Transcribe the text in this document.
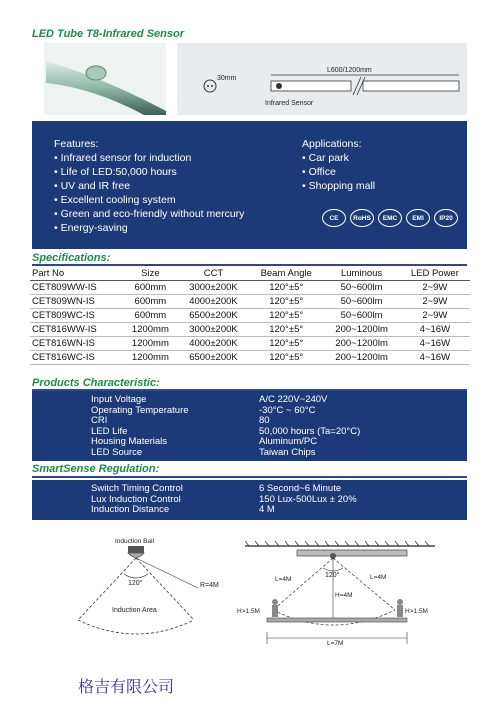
LED Tube T8-Infrared Sensor
30mm
L600/1200mm
Infrared Sensor
Features:
• Infrared sensor for induction
• Life of LED:50,000 hours
• UV and IR free
• Excellent cooling system
• Green and eco-friendly without mercury
• Energy-saving
Applications:
• Car park
• Office
• Shopping mall
CE	RoHS	EMC	EMI	IP20
Specifications:
Part No	Size	CCT	Beam Angle	Luminous	LED Power
CET809WW-IS	600mm	3000±200K	120°±5°	50~600lm	2~9W
CET809WN-IS	600mm	4000±200K	120°±5°	50~600lm	2~9W
CET809WC-IS	600mm	6500±200K	120°±5°	50~600lm	2~9W
CET816WW-IS	1200mm	3000±200K	120°±5°	200~1200lm	4~16W
CET816WN-IS	1200mm	4000±200K	120°±5°	200~1200lm	4~16W
CET816WC-IS	1200mm	6500±200K	120°±5°	200~1200lm	4~16W
Products Characteristic:
Input Voltage	A/C 220V~240V
Operating Temperature	-30°C ~ 60°C
CRI	80
LED Life	50,000 hours (Ta=20°C)
Housing Materials	Aluminum/PC
LED Source	Taiwan Chips
SmartSense Regulation:
Switch Timing Control	6 Second~6 Minute
Lux Induction Control	150 Lux-500Lux ± 20%
Induction Distance	4 M
Induction Ball
120°	R=4M
Induction Area
120°
L=4M	L=4M
H=4M
H>1.5M	H>1.5M
L=7M
格吉有限公司
